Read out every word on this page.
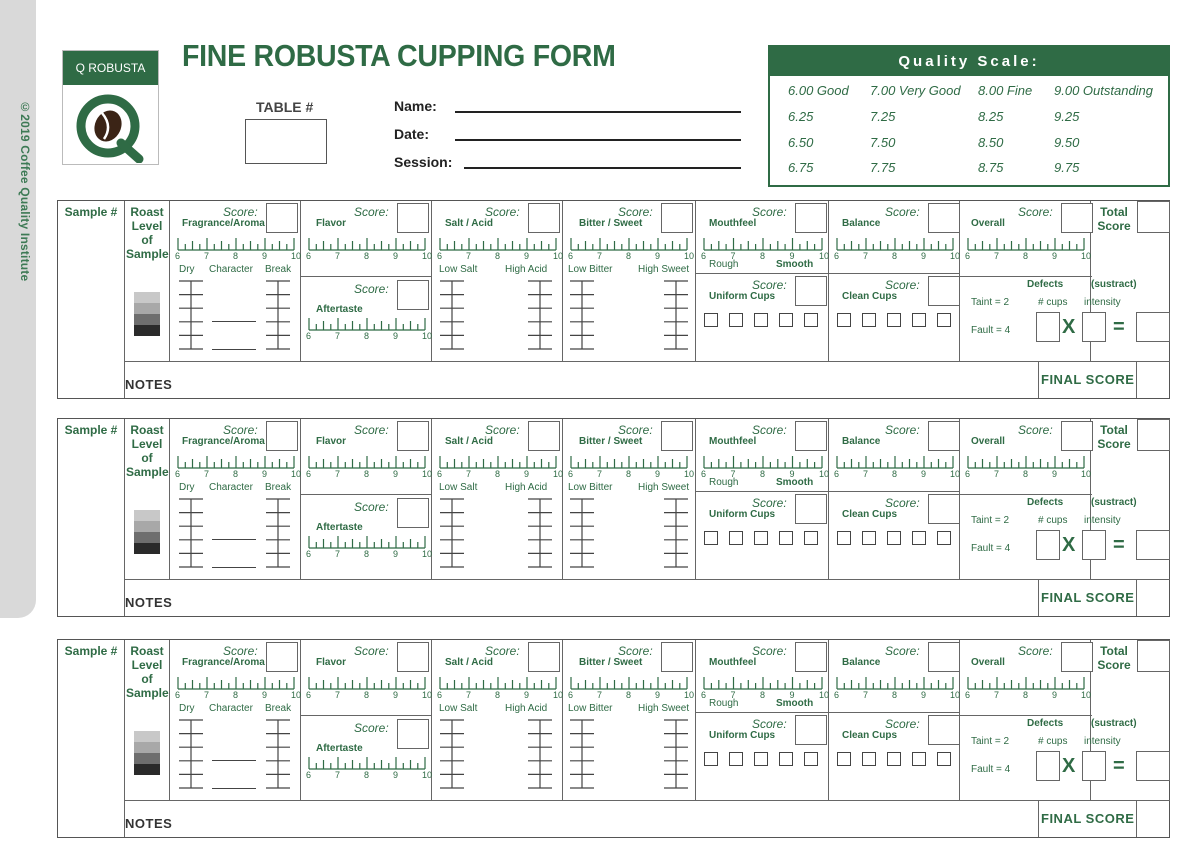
©2019 Coffee Quality Institute
Q ROBUSTA	FINE ROBUSTA CUPPING FORM
TABLE #	Name:
Date:
Session:
Quality Scale:
6.00 Good 7.00 Very Good 8.00 Fine 9.00 Outstanding
6.25	7.25	8.25	9.25
6.50	7.50	8.50	9.50
6.75	7.75	8.75	9.75
Sample #	Roast Level of Sample
Score:
Fragrance/Aroma
6	7	8	9	10
Dry Character Break
Score:
Flavor
6	7	8	9	10
Score:
Aftertaste
6	7	8	9	10
Score:
Salt / Acid
6	7	8	9	10
Low Salt	High Acid
Score:
Bitter / Sweet
6	7	8	9	10
Low Bitter	High Sweet
Score:
Mouthfeel
6	7	8	9	10
Rough	Smooth
Score:
Uniform Cups
Score:
Balance
6	7	8	9	10
Score:
Clean Cups
Score:
Overall
6	7	8	9	10
Total Score
Defects	(sustract)
Taint = 2	# cups intensity
Fault = 4	X =
NOTES	FINAL SCORE
Sample #	Roast Level of Sample
Score:
Fragrance/Aroma
6	7	8	9	10
Dry Character Break
Score:
Flavor
6	7	8	9	10
Score:
Aftertaste
6	7	8	9	10
Score:
Salt / Acid
6	7	8	9	10
Low Salt	High Acid
Score:
Bitter / Sweet
6	7	8	9	10
Low Bitter	High Sweet
Score:
Mouthfeel
6	7	8	9	10
Rough	Smooth
Score:
Uniform Cups
Score:
Balance
6	7	8	9	10
Score:
Clean Cups
Score:
Overall
6	7	8	9	10
Total Score
Defects	(sustract)
Taint = 2	# cups intensity
Fault = 4	X =
NOTES	FINAL SCORE
Sample #	Roast Level of Sample
Score:
Fragrance/Aroma
6	7	8	9	10
Dry Character Break
Score:
Flavor
6	7	8	9	10
Score:
Aftertaste
6	7	8	9	10
Score:
Salt / Acid
6	7	8	9	10
Low Salt	High Acid
Score:
Bitter / Sweet
6	7	8	9	10
Low Bitter	High Sweet
Score:
Mouthfeel
6	7	8	9	10
Rough	Smooth
Score:
Uniform Cups
Score:
Balance
6	7	8	9	10
Score:
Clean Cups
Score:
Overall
6	7	8	9	10
Total Score
Defects	(sustract)
Taint = 2	# cups intensity
Fault = 4	X =
NOTES	FINAL SCORE
